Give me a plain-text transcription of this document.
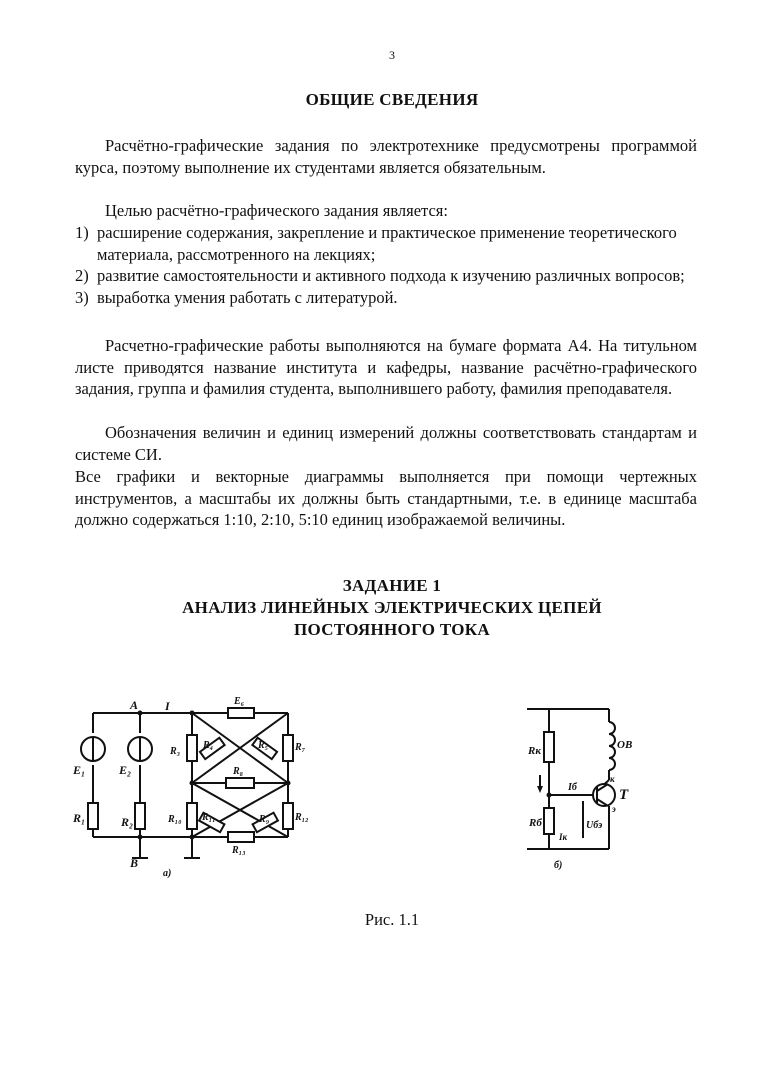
3
ОБЩИЕ СВЕДЕНИЯ
Расчётно-графические задания по электротехнике предусмотрены программой курса, поэтому выполнение их студентами является обязательным.
Целью расчётно-графического задания является:
1) расширение содержания, закрепление и практическое применение теоретического материала, рассмотренного на лекциях;
2) развитие самостоятельности и активного подхода к изучению различных вопросов;
3) выработка умения работать с литературой.
Расчетно-графические работы выполняются на бумаге формата А4. На титульном листе приводятся название института и кафедры, название расчётно-графического задания, группа и фамилия студента, выполнившего работу, фамилия преподавателя.
Обозначения величин и единиц измерений должны соответствовать стандартам и системе СИ.
Все графики и векторные диаграммы выполняется при помощи чертежных инструментов, а масштабы их должны быть стандартными, т.е. в единице масштаба должно содержаться 1:10, 2:10, 5:10 единиц изображаемой величины.
ЗАДАНИЕ 1
АНАЛИЗ ЛИНЕЙНЫХ ЭЛЕКТРИЧЕСКИХ ЦЕПЕЙ
ПОСТОЯННОГО ТОКА
A I
B
E₆
E₁	E₂
R₁	R₂
R₃
R₄	R₅	R₇
R₈
R₉
R₁₀ R₁₁	R₁₂
R₁₃
а)
Rк	ОВ
Iб
к
Т
Rб
Iк
Uбэ
э
б)
Рис. 1.1
